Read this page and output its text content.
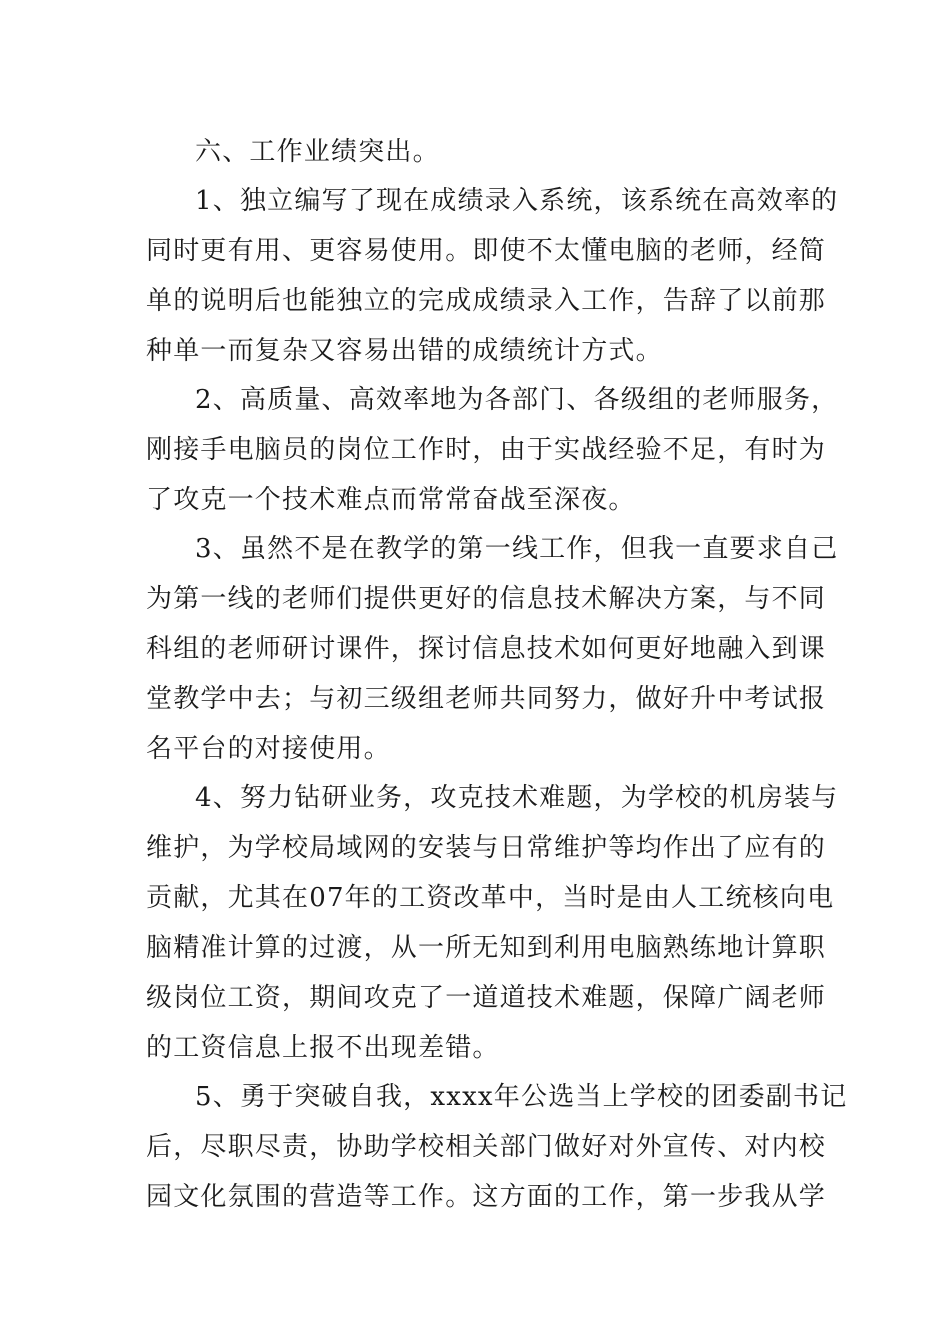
六、工作业绩突出。
1、独立编写了现在成绩录入系统，该系统在高效率的
同时更有用、更容易使用。即使不太懂电脑的老师，经简
单的说明后也能独立的完成成绩录入工作，告辞了以前那
种单一而复杂又容易出错的成绩统计方式。
2、高质量、高效率地为各部门、各级组的老师服务，
刚接手电脑员的岗位工作时，由于实战经验不足，有时为
了攻克一个技术难点而常常奋战至深夜。
3、虽然不是在教学的第一线工作，但我一直要求自己
为第一线的老师们提供更好的信息技术解决方案，与不同
科组的老师研讨课件，探讨信息技术如何更好地融入到课
堂教学中去；与初三级组老师共同努力，做好升中考试报
名平台的对接使用。
4、努力钻研业务，攻克技术难题，为学校的机房装与
维护，为学校局域网的安装与日常维护等均作出了应有的
贡献，尤其在07年的工资改革中，当时是由人工统核向电
脑精准计算的过渡，从一所无知到利用电脑熟练地计算职
级岗位工资，期间攻克了一道道技术难题，保障广阔老师
的工资信息上报不出现差错。
5、勇于突破自我，xxxx年公选当上学校的团委副书记
后，尽职尽责，协助学校相关部门做好对外宣传、对内校
园文化氛围的营造等工作。这方面的工作，第一步我从学
